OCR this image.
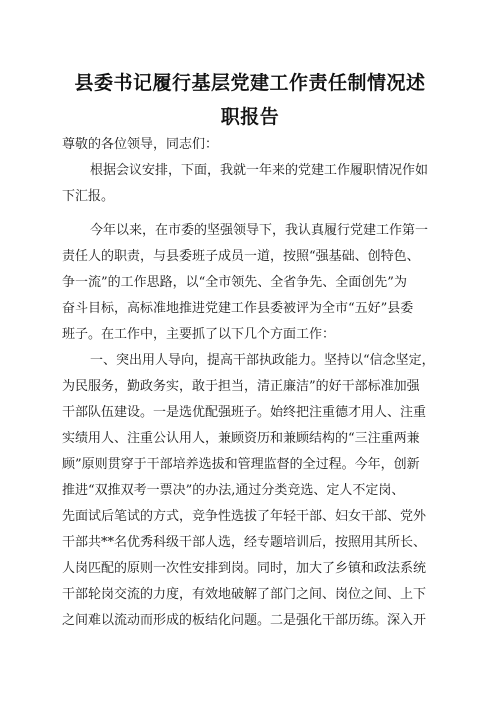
县委书记履行基层党建工作责任制情况述
职报告

尊敬的各位领导，同志们：

根据会议安排，下面，我就一年来的党建工作履职情况作如
下汇报。

今年以来，在市委的坚强领导下，我认真履行党建工作第一
责任人的职责，与县委班子成员一道，按照“强基础、创特色、
争一流”的工作思路，以“全市领先、全省争先、全面创先”为
奋斗目标，高标准地推进党建工作县委被评为全市“五好”县委
班子。在工作中，主要抓了以下几个方面工作：

一、突出用人导向，提高干部执政能力。坚持以“信念坚定，
为民服务，勤政务实，敢于担当，清正廉洁”的好干部标准加强
干部队伍建设。一是选优配强班子。始终把注重德才用人、注重
实绩用人、注重公认用人，兼顾资历和兼顾结构的“三注重两兼
顾”原则贯穿于干部培养选拔和管理监督的全过程。今年，创新
推进“双推双考一票决”的办法,通过分类竞选、定人不定岗、
先面试后笔试的方式，竞争性选拔了年轻干部、妇女干部、党外
干部共**名优秀科级干部人选，经专题培训后，按照用其所长、
人岗匹配的原则一次性安排到岗。同时，加大了乡镇和政法系统
干部轮岗交流的力度，有效地破解了部门之间、岗位之间、上下
之间难以流动而形成的板结化问题。二是强化干部历练。深入开
